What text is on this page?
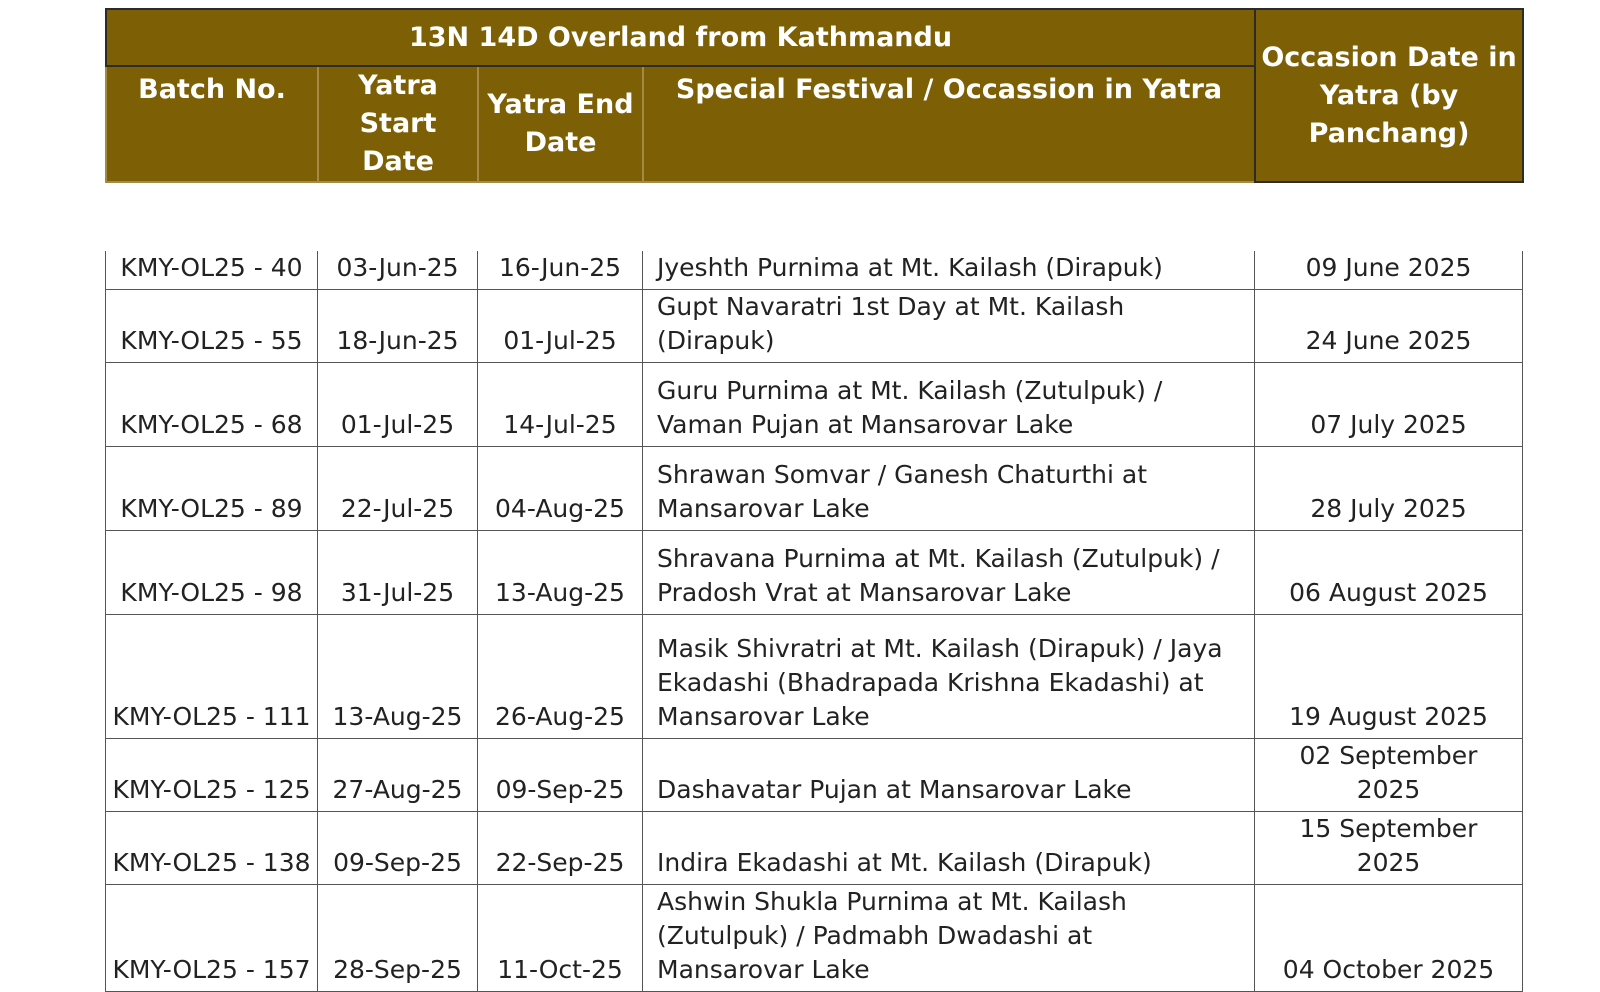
13N 14D Overland from Kathmandu				Occasion Date in Yatra (by Panchang)
Batch No.	Yatra Start Date	Yatra End Date	Special Festival / Occassion in Yatra	
KMY-OL25 - 40	03-Jun-25	16-Jun-25	Jyeshth Purnima at Mt. Kailash (Dirapuk)	09 June 2025
KMY-OL25 - 55	18-Jun-25	01-Jul-25	Gupt Navaratri 1st Day at Mt. Kailash (Dirapuk)	24 June 2025
KMY-OL25 - 68	01-Jul-25	14-Jul-25	Guru Purnima at Mt. Kailash (Zutulpuk) / Vaman Pujan at Mansarovar Lake	07 July 2025
KMY-OL25 - 89	22-Jul-25	04-Aug-25	Shrawan Somvar / Ganesh Chaturthi at Mansarovar Lake	28 July 2025
KMY-OL25 - 98	31-Jul-25	13-Aug-25	Shravana Purnima at Mt. Kailash (Zutulpuk) / Pradosh Vrat at Mansarovar Lake	06 August 2025
KMY-OL25 - 111	13-Aug-25	26-Aug-25	Masik Shivratri at Mt. Kailash (Dirapuk) / Jaya Ekadashi (Bhadrapada Krishna Ekadashi) at Mansarovar Lake	19 August 2025
KMY-OL25 - 125	27-Aug-25	09-Sep-25	Dashavatar Pujan at Mansarovar Lake	02 September 2025
KMY-OL25 - 138	09-Sep-25	22-Sep-25	Indira Ekadashi at Mt. Kailash (Dirapuk)	15 September 2025
KMY-OL25 - 157	28-Sep-25	11-Oct-25	Ashwin Shukla Purnima at Mt. Kailash (Zutulpuk) / Padmabh Dwadashi at Mansarovar Lake	04 October 2025
